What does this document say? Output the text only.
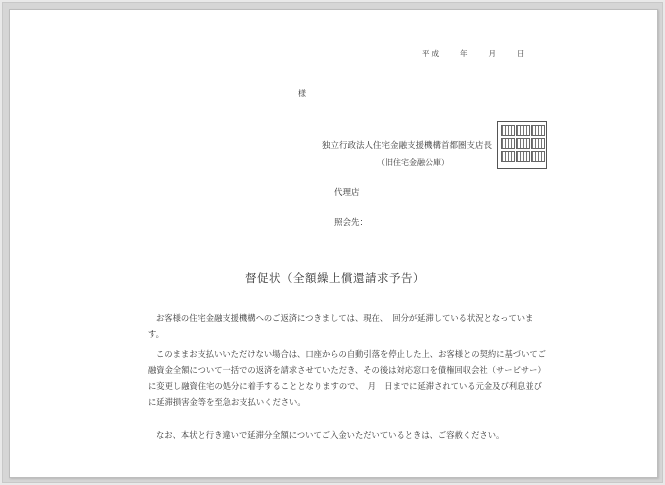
平成　　年　　月　　日
様
独立行政法人住宅金融支援機構首都圏支店長
（旧住宅金融公庫）
代理店
照会先：
督促状（全額繰上償還請求予告）

お客様の住宅金融支援機構へのご返済につきましては、現在、　回分が延滞している状況となっています。

このままお支払いいただけない場合は、口座からの自動引落を停止した上、お客様との契約に基づいてご融資金全額について一括での返済を請求させていただき、その後は対応窓口を債権回収会社（サービサー）に変更し融資住宅の処分に着手することとなりますので、　月　日までに延滞されている元金及び利息並びに延滞損害金等を至急お支払いください。

なお、本状と行き違いで延滞分全額についてご入金いただいているときは、ご容赦ください。
